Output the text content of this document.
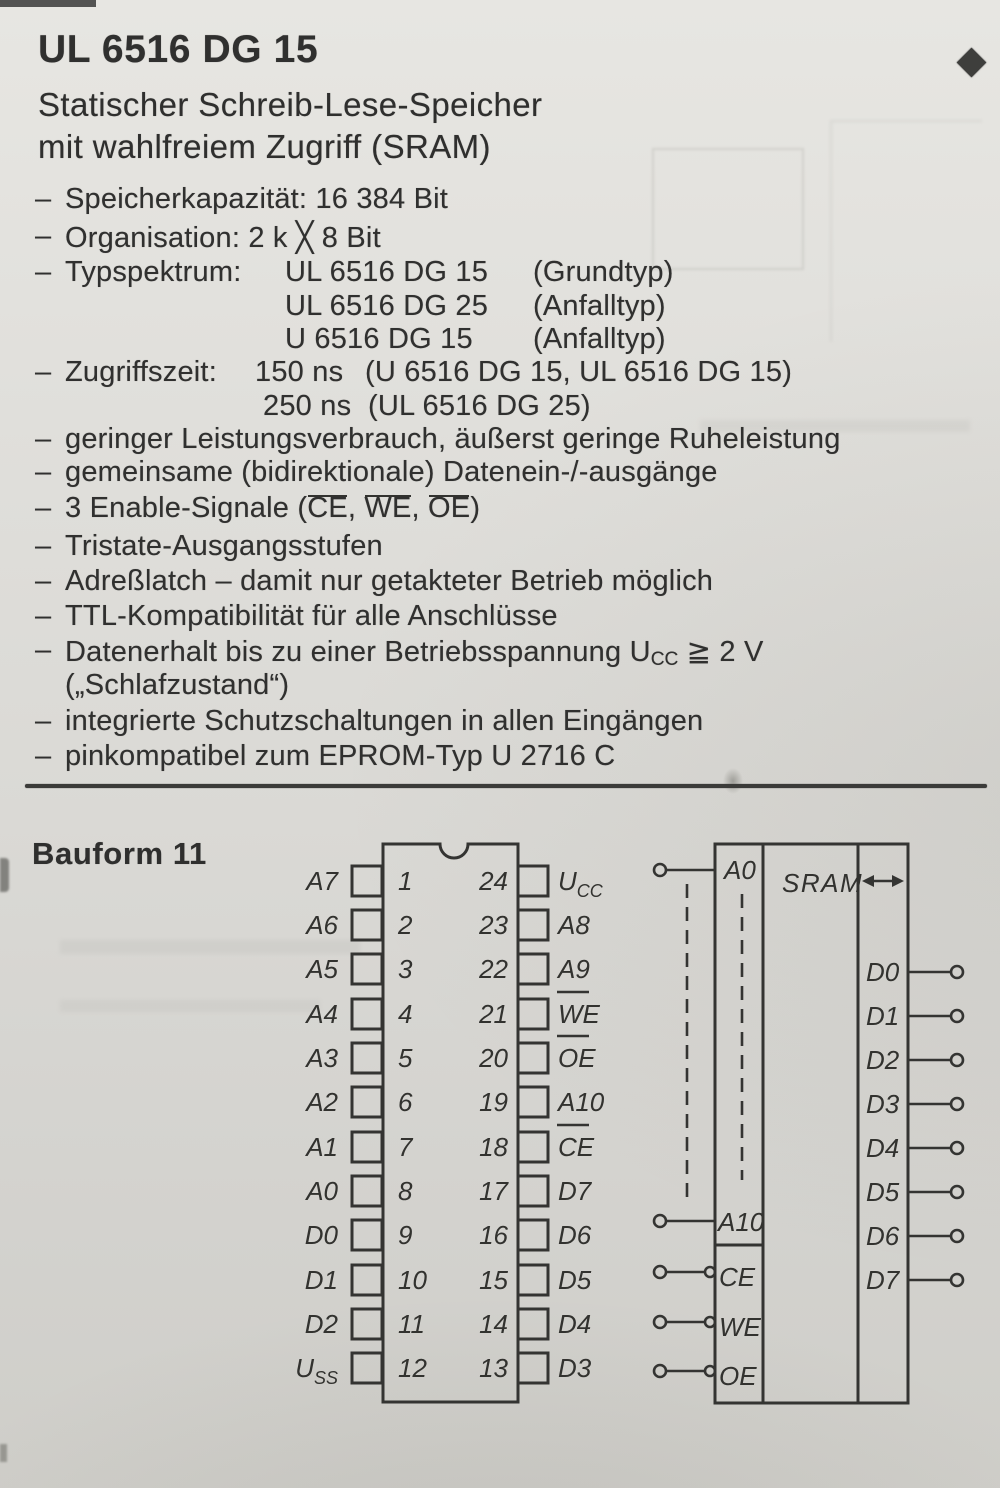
UL 6516 DG 15
Statischer Schreib-Lese-Speicher
mit wahlfreiem Zugriff (SRAM)
– Speicherkapazität: 16 384 Bit
– Organisation: 2 k ╳ 8 Bit
– Typspektrum: UL 6516 DG 15 (Grundtyp)
UL 6516 DG 25 (Anfalltyp)
U 6516 DG 15 (Anfalltyp)
– Zugriffszeit: 150 ns (U 6516 DG 15, UL 6516 DG 15)
250 ns (UL 6516 DG 25)
– geringer Leistungsverbrauch, äußerst geringe Ruheleistung
– gemeinsame (bidirektionale) Datenein-/-ausgänge
– 3 Enable-Signale (CE, WE, OE)
– Tristate-Ausgangsstufen
– Adreßlatch – damit nur getakteter Betrieb möglich
– TTL-Kompatibilität für alle Anschlüsse
– Datenerhalt bis zu einer Betriebsspannung $U_{CC}$ ≧ 2 V
(„Schlafzustand“)
– integrierte Schutzschaltungen in allen Eingängen
– pinkompatibel zum EPROM-Typ U 2716 C
Bauform 11	A0 SRAM
A7 1	24 $U_{CC}$
A6 2	23 A8
A5 3	22 A9
A4 4	21 WE
A3 5	20 OE
A2 6	19 A10
A1 7	18 CE
A0 8	17 D7
D0 9	16 D6
D1 10 15 D5
D2 11 14 D4
$U_{SS}$ 12 13 D3
A10
CE
WE
OE
D0
D1
D2
D3
D4
D5
D6
D7
